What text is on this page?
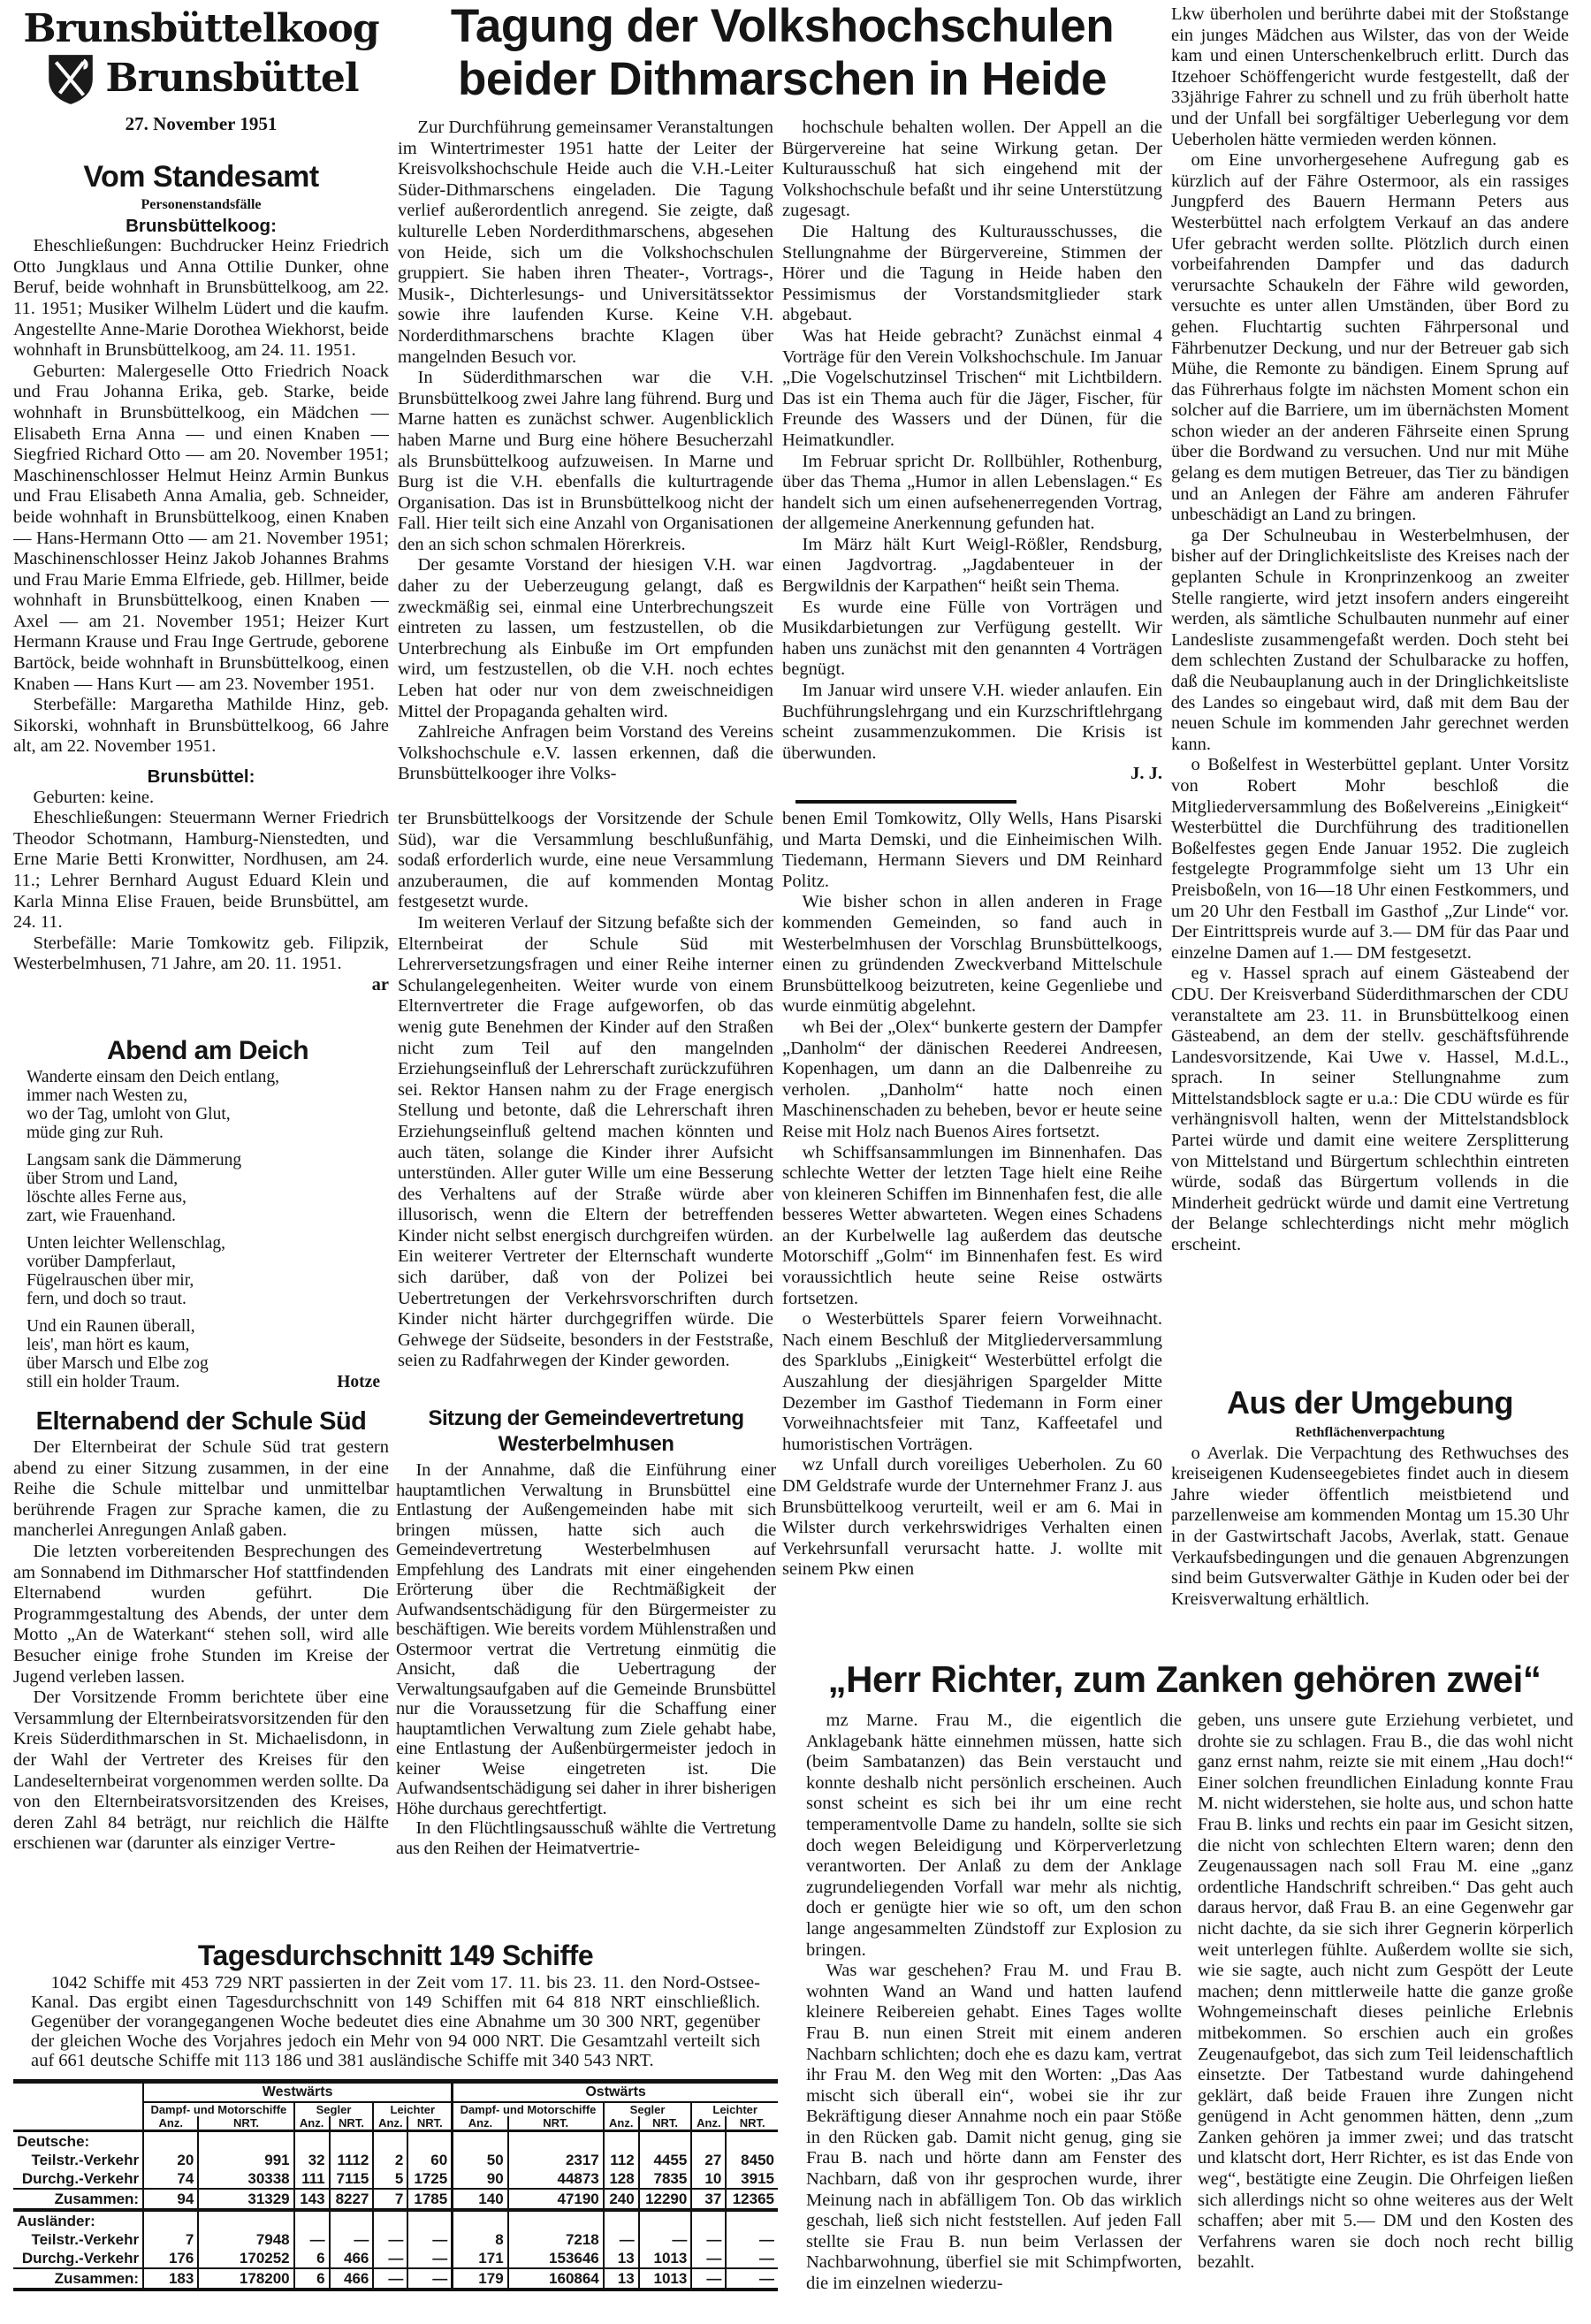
Brunsbüttelkoog
Brunsbüttel
27. November 1951
Vom Standesamt
Personenstandsfälle
Brunsbüttelkoog:

Eheschließungen: Buchdrucker Heinz Friedrich Otto Jungklaus und Anna Ottilie Dunker, ohne Beruf, beide wohnhaft in Brunsbüttelkoog, am 22. 11. 1951; Musiker Wilhelm Lüdert und die kaufm. Angestellte Anne-Marie Dorothea Wiekhorst, beide wohnhaft in Brunsbüttelkoog, am 24. 11. 1951.

Geburten: Malergeselle Otto Friedrich Noack und Frau Johanna Erika, geb. Starke, beide wohnhaft in Brunsbüttelkoog, ein Mädchen — Elisabeth Erna Anna — und einen Knaben — Siegfried Richard Otto — am 20. November 1951; Maschinenschlosser Helmut Heinz Armin Bunkus und Frau Elisabeth Anna Amalia, geb. Schneider, beide wohnhaft in Brunsbüttelkoog, einen Knaben — Hans-Hermann Otto — am 21. November 1951; Maschinenschlosser Heinz Jakob Johannes Brahms und Frau Marie Emma Elfriede, geb. Hillmer, beide wohnhaft in Brunsbüttelkoog, einen Knaben — Axel — am 21. November 1951; Heizer Kurt Hermann Krause und Frau Inge Gertrude, geborene Bartöck, beide wohnhaft in Brunsbüttelkoog, einen Knaben — Hans Kurt — am 23. November 1951.

Sterbefälle: Margaretha Mathilde Hinz, geb. Sikorski, wohnhaft in Brunsbüttelkoog, 66 Jahre alt, am 22. November 1951.

Brunsbüttel:

Geburten: keine.

Eheschließungen: Steuermann Werner Friedrich Theodor Schotmann, Hamburg-Nienstedten, und Erne Marie Betti Kronwitter, Nordhusen, am 24. 11.; Lehrer Bernhard August Eduard Klein und Karla Minna Elise Frauen, beide Brunsbüttel, am 24. 11.

Sterbefälle: Marie Tomkowitz geb. Filipzik, Westerbelmhusen, 71 Jahre, am 20. 11. 1951.

ar
Abend am Deich
Wanderte einsam den Deich entlang,
immer nach Westen zu,
wo der Tag, umloht von Glut,
müde ging zur Ruh.
Langsam sank die Dämmerung
über Strom und Land,
löschte alles Ferne aus,
zart, wie Frauenhand.
Unten leichter Wellenschlag,
vorüber Dampferlaut,
Fügelrauschen über mir,
fern, und doch so traut.
Und ein Raunen überall,
leis', man hört es kaum,
über Marsch und Elbe zog
still ein holder Traum.	Hotze
Elternabend der Schule Süd

Der Elternbeirat der Schule Süd trat gestern abend zu einer Sitzung zusammen, in der eine Reihe die Schule mittelbar und unmittelbar berührende Fragen zur Sprache kamen, die zu mancherlei Anregungen Anlaß gaben.

Die letzten vorbereitenden Besprechungen des am Sonnabend im Dithmarscher Hof stattfindenden Elternabend wurden geführt. Die Programmgestaltung des Abends, der unter dem Motto „An de Waterkant“ stehen soll, wird alle Besucher einige frohe Stunden im Kreise der Jugend verleben lassen.

Der Vorsitzende Fromm berichtete über eine Versammlung der Elternbeiratsvorsitzenden für den Kreis Süderdithmarschen in St. Michaelisdonn, in der Wahl der Vertreter des Kreises für den Landeselternbeirat vorgenommen werden sollte. Da von den Elternbeiratsvorsitzenden des Kreises, deren Zahl 84 beträgt, nur reichlich die Hälfte erschienen war (darunter als einziger Vertre-

Tagung der Volkshochschulen
beider Dithmarschen in Heide

Zur Durchführung gemeinsamer Veranstaltungen im Wintertrimester 1951 hatte der Leiter der Kreisvolkshochschule Heide auch die V.H.-Leiter Süder-Dithmarschens eingeladen. Die Tagung verlief außerordentlich anregend. Sie zeigte, daß kulturelle Leben Norderdithmarschens, abgesehen von Heide, sich um die Volkshochschulen gruppiert. Sie haben ihren Theater-, Vortrags-, Musik-, Dichterlesungs- und Universitätssektor sowie ihre laufenden Kurse. Keine V.H. Norderdithmarschens brachte Klagen über mangelnden Besuch vor.

In Süderdithmarschen war die V.H. Brunsbüttelkoog zwei Jahre lang führend. Burg und Marne hatten es zunächst schwer. Augenblicklich haben Marne und Burg eine höhere Besucherzahl als Brunsbüttelkoog aufzuweisen. In Marne und Burg ist die V.H. ebenfalls die kulturtragende Organisation. Das ist in Brunsbüttelkoog nicht der Fall. Hier teilt sich eine Anzahl von Organisationen den an sich schon schmalen Hörerkreis.

Der gesamte Vorstand der hiesigen V.H. war daher zu der Ueberzeugung gelangt, daß es zweckmäßig sei, einmal eine Unterbrechungszeit eintreten zu lassen, um festzustellen, ob die Unterbrechung als Einbuße im Ort empfunden wird, um festzustellen, ob die V.H. noch echtes Leben hat oder nur von dem zweischneidigen Mittel der Propaganda gehalten wird.

Zahlreiche Anfragen beim Vorstand des Vereins Volkshochschule e.V. lassen erkennen, daß die Brunsbüttelkooger ihre Volks-

hochschule behalten wollen. Der Appell an die Bürgervereine hat seine Wirkung getan. Der Kulturausschuß hat sich eingehend mit der Volkshochschule befaßt und ihr seine Unterstützung zugesagt.

Die Haltung des Kulturausschusses, die Stellungnahme der Bürgervereine, Stimmen der Hörer und die Tagung in Heide haben den Pessimismus der Vorstandsmitglieder stark abgebaut.

Was hat Heide gebracht? Zunächst einmal 4 Vorträge für den Verein Volkshochschule. Im Januar „Die Vogelschutzinsel Trischen“ mit Lichtbildern. Das ist ein Thema auch für die Jäger, Fischer, für Freunde des Wassers und der Dünen, für die Heimatkundler.

Im Februar spricht Dr. Rollbühler, Rothenburg, über das Thema „Humor in allen Lebenslagen.“ Es handelt sich um einen aufsehenerregenden Vortrag, der allgemeine Anerkennung gefunden hat.

Im März hält Kurt Weigl-Rößler, Rendsburg, einen Jagdvortrag. „Jagdabenteuer in der Bergwildnis der Karpathen“ heißt sein Thema.

Es wurde eine Fülle von Vorträgen und Musikdarbietungen zur Verfügung gestellt. Wir haben uns zunächst mit den genannten 4 Vorträgen begnügt.

Im Januar wird unsere V.H. wieder anlaufen. Ein Buchführungslehrgang und ein Kurzschriftlehrgang scheint zusammenzukommen. Die Krisis ist überwunden.

J. J.

Lkw überholen und berührte dabei mit der Stoßstange ein junges Mädchen aus Wilster, das von der Weide kam und einen Unterschenkelbruch erlitt. Durch das Itzehoer Schöffengericht wurde festgestellt, daß der 33jährige Fahrer zu schnell und zu früh überholt hatte und der Unfall bei sorgfältiger Ueberlegung vor dem Ueberholen hätte vermieden werden können.

om Eine unvorhergesehene Aufregung gab es kürzlich auf der Fähre Ostermoor, als ein rassiges Jungpferd des Bauern Hermann Peters aus Westerbüttel nach erfolgtem Verkauf an das andere Ufer gebracht werden sollte. Plötzlich durch einen vorbeifahrenden Dampfer und das dadurch verursachte Schaukeln der Fähre wild geworden, versuchte es unter allen Umständen, über Bord zu gehen. Fluchtartig suchten Fährpersonal und Fährbenutzer Deckung, und nur der Betreuer gab sich Mühe, die Remonte zu bändigen. Einem Sprung auf das Führerhaus folgte im nächsten Moment schon ein solcher auf die Barriere, um im übernächsten Moment schon wieder an der anderen Fährseite einen Sprung über die Bordwand zu versuchen. Und nur mit Mühe gelang es dem mutigen Betreuer, das Tier zu bändigen und an Anlegen der Fähre am anderen Fährufer unbeschädigt an Land zu bringen.

ga Der Schulneubau in Westerbelmhusen, der bisher auf der Dringlichkeitsliste des Kreises nach der geplanten Schule in Kronprinzenkoog an zweiter Stelle rangierte, wird jetzt insofern anders eingereiht werden, als sämtliche Schulbauten nunmehr auf einer Landesliste zusammengefaßt werden. Doch steht bei dem schlechten Zustand der Schulbaracke zu hoffen, daß die Neubauplanung auch in der Dringlichkeitsliste des Landes so eingebaut wird, daß mit dem Bau der neuen Schule im kommenden Jahr gerechnet werden kann.

o Boßelfest in Westerbüttel geplant. Unter Vorsitz von Robert Mohr beschloß die Mitgliederversammlung des Boßelvereins „Einigkeit“ Westerbüttel die Durchführung des traditionellen Boßelfestes gegen Ende Januar 1952. Die zugleich festgelegte Programmfolge sieht um 13 Uhr ein Preisboßeln, von 16—18 Uhr einen Festkommers, und um 20 Uhr den Festball im Gasthof „Zur Linde“ vor. Der Eintrittspreis wurde auf 3.— DM für das Paar und einzelne Damen auf 1.— DM festgesetzt.

eg v. Hassel sprach auf einem Gästeabend der CDU. Der Kreisverband Süderdithmarschen der CDU veranstaltete am 23. 11. in Brunsbüttelkoog einen Gästeabend, an dem der stellv. geschäftsführende Landesvorsitzende, Kai Uwe v. Hassel, M.d.L., sprach. In seiner Stellungnahme zum Mittelstandsblock sagte er u.a.: Die CDU würde es für verhängnisvoll halten, wenn der Mittelstandsblock Partei würde und damit eine weitere Zersplitterung von Mittelstand und Bürgertum schlechthin eintreten würde, sodaß das Bürgertum vollends in die Minderheit gedrückt würde und damit eine Vertretung der Belange schlechterdings nicht mehr möglich erscheint.

Aus der Umgebung
Rethflächenverpachtung

o Averlak. Die Verpachtung des Rethwuchses des kreiseigenen Kudenseegebietes findet auch in diesem Jahre wieder öffentlich meistbietend und parzellenweise am kommenden Montag um 15.30 Uhr in der Gastwirtschaft Jacobs, Averlak, statt. Genaue Verkaufsbedingungen und die genauen Abgrenzungen sind beim Gutsverwalter Gäthje in Kuden oder bei der Kreisverwaltung erhältlich.

ter Brunsbüttelkoogs der Vorsitzende der Schule Süd), war die Versammlung beschlußunfähig, sodaß erforderlich wurde, eine neue Versammlung anzuberaumen, die auf kommenden Montag festgesetzt wurde.

Im weiteren Verlauf der Sitzung befaßte sich der Elternbeirat der Schule Süd mit Lehrerversetzungsfragen und einer Reihe interner Schulangelegenheiten. Weiter wurde von einem Elternvertreter die Frage aufgeworfen, ob das wenig gute Benehmen der Kinder auf den Straßen nicht zum Teil auf den mangelnden Erziehungseinfluß der Lehrerschaft zurückzuführen sei. Rektor Hansen nahm zu der Frage energisch Stellung und betonte, daß die Lehrerschaft ihren Erziehungseinfluß geltend machen könnten und auch täten, solange die Kinder ihrer Aufsicht unterstünden. Aller guter Wille um eine Besserung des Verhaltens auf der Straße würde aber illusorisch, wenn die Eltern der betreffenden Kinder nicht selbst energisch durchgreifen würden. Ein weiterer Vertreter der Elternschaft wunderte sich darüber, daß von der Polizei bei Uebertretungen der Verkehrsvorschriften durch Kinder nicht härter durchgegriffen würde. Die Gehwege der Südseite, besonders in der Feststraße, seien zu Radfahrwegen der Kinder geworden.

benen Emil Tomkowitz, Olly Wells, Hans Pisarski und Marta Demski, und die Einheimischen Wilh. Tiedemann, Hermann Sievers und DM Reinhard Politz.

Wie bisher schon in allen anderen in Frage kommenden Gemeinden, so fand auch in Westerbelmhusen der Vorschlag Brunsbüttelkoogs, einen zu gründenden Zweckverband Mittelschule Brunsbüttelkoog beizutreten, keine Gegenliebe und wurde einmütig abgelehnt.

wh Bei der „Olex“ bunkerte gestern der Dampfer „Danholm“ der dänischen Reederei Andreesen, Kopenhagen, um dann an die Dalbenreihe zu verholen. „Danholm“ hatte noch einen Maschinenschaden zu beheben, bevor er heute seine Reise mit Holz nach Buenos Aires fortsetzt.

wh Schiffsansammlungen im Binnenhafen. Das schlechte Wetter der letzten Tage hielt eine Reihe von kleineren Schiffen im Binnenhafen fest, die alle besseres Wetter abwarteten. Wegen eines Schadens an der Kurbelwelle lag außerdem das deutsche Motorschiff „Golm“ im Binnenhafen fest. Es wird voraussichtlich heute seine Reise ostwärts fortsetzen.

o Westerbüttels Sparer feiern Vorweihnacht. Nach einem Beschluß der Mitgliederversammlung des Sparklubs „Einigkeit“ Westerbüttel erfolgt die Auszahlung der diesjährigen Spargelder Mitte Dezember im Gasthof Tiedemann in Form einer Vorweihnachtsfeier mit Tanz, Kaffeetafel und humoristischen Vorträgen.

wz Unfall durch voreiliges Ueberholen. Zu 60 DM Geldstrafe wurde der Unternehmer Franz J. aus Brunsbüttelkoog verurteilt, weil er am 6. Mai in Wilster durch verkehrswidriges Verhalten einen Verkehrsunfall verursacht hatte. J. wollte mit seinem Pkw einen

Sitzung der Gemeindevertretung Westerbelmhusen

In der Annahme, daß die Einführung einer hauptamtlichen Verwaltung in Brunsbüttel eine Entlastung der Außengemeinden habe mit sich bringen müssen, hatte sich auch die Gemeindevertretung Westerbelmhusen auf Empfehlung des Landrats mit einer eingehenden Erörterung über die Rechtmäßigkeit der Aufwandsentschädigung für den Bürgermeister zu beschäftigen. Wie bereits vordem Mühlenstraßen und Ostermoor vertrat die Vertretung einmütig die Ansicht, daß die Uebertragung der Verwaltungsaufgaben auf die Gemeinde Brunsbüttel nur die Voraussetzung für die Schaffung einer hauptamtlichen Verwaltung zum Ziele gehabt habe, eine Entlastung der Außenbürgermeister jedoch in keiner Weise eingetreten ist. Die Aufwandsentschädigung sei daher in ihrer bisherigen Höhe durchaus gerechtfertigt.

In den Flüchtlingsausschuß wählte die Vertretung aus den Reihen der Heimatvertrie-

Tagesdurchschnitt 149 Schiffe

1042 Schiffe mit 453 729 NRT passierten in der Zeit vom 17. 11. bis 23. 11. den Nord-Ostsee-Kanal. Das ergibt einen Tagesdurchschnitt von 149 Schiffen mit 64 818 NRT einschließlich. Gegenüber der vorangegangenen Woche bedeutet dies eine Abnahme um 30 300 NRT, gegenüber der gleichen Woche des Vorjahres jedoch ein Mehr von 94 000 NRT. Die Gesamtzahl verteilt sich auf 661 deutsche Schiffe mit 113 186 und 381 ausländische Schiffe mit 340 543 NRT.

	Westwärts						Ostwärts					
	Dampf- und Motorschiffe		Segler		Leichter		Dampf- und Motorschiffe		Segler		Leichter	
	Anz.	NRT.	Anz.	NRT.	Anz.	NRT.	Anz.	NRT.	Anz.	NRT.	Anz.	NRT.
Deutsche:												
Teilstr.-Verkehr	20	991	32	1112	2	60	50	2317	112	4455	27	8450
Durchg.-Verkehr	74	30338	111	7115	5	1725	90	44873	128	7835	10	3915
Zusammen:	94	31329	143	8227	7	1785	140	47190	240	12290	37	12365
Ausländer:												
Teilstr.-Verkehr	7	7948	—	—	—	—	8	7218	—	—	—	—
Durchg.-Verkehr	176	170252	6	466	—	—	171	153646	13	1013	—	—
Zusammen:	183	178200	6	466	—	—	179	160864	13	1013	—	—
„Herr Richter, zum Zanken gehören zwei“

mz Marne. Frau M., die eigentlich die Anklagebank hätte einnehmen müssen, hatte sich (beim Sambatanzen) das Bein verstaucht und konnte deshalb nicht persönlich erscheinen. Auch sonst scheint es sich bei ihr um eine recht temperamentvolle Dame zu handeln, sollte sie sich doch wegen Beleidigung und Körperverletzung verantworten. Der Anlaß zu dem der Anklage zugrundeliegenden Vorfall war mehr als nichtig, doch er genügte hier wie so oft, um den schon lange angesammelten Zündstoff zur Explosion zu bringen.

Was war geschehen? Frau M. und Frau B. wohnten Wand an Wand und hatten laufend kleinere Reibereien gehabt. Eines Tages wollte Frau B. nun einen Streit mit einem anderen Nachbarn schlichten; doch ehe es dazu kam, vertrat ihr Frau M. den Weg mit den Worten: „Das Aas mischt sich überall ein“, wobei sie ihr zur Bekräftigung dieser Annahme noch ein paar Stöße in den Rücken gab. Damit nicht genug, ging sie Frau B. nach und hörte dann am Fenster des Nachbarn, daß von ihr gesprochen wurde, ihrer Meinung nach in abfälligem Ton. Ob das wirklich geschah, ließ sich nicht feststellen. Auf jeden Fall stellte sie Frau B. nun beim Verlassen der Nachbarwohnung, überfiel sie mit Schimpfworten, die im einzelnen wiederzu-

geben, uns unsere gute Erziehung verbietet, und drohte sie zu schlagen. Frau B., die das wohl nicht ganz ernst nahm, reizte sie mit einem „Hau doch!“ Einer solchen freundlichen Einladung konnte Frau M. nicht widerstehen, sie holte aus, und schon hatte Frau B. links und rechts ein paar im Gesicht sitzen, die nicht von schlechten Eltern waren; denn den Zeugenaussagen nach soll Frau M. eine „ganz ordentliche Handschrift schreiben.“ Das geht auch daraus hervor, daß Frau B. an eine Gegenwehr gar nicht dachte, da sie sich ihrer Gegnerin körperlich weit unterlegen fühlte. Außerdem wollte sie sich, wie sie sagte, auch nicht zum Gespött der Leute machen; denn mittlerweile hatte die ganze große Wohngemeinschaft dieses peinliche Erlebnis mitbekommen. So erschien auch ein großes Zeugenaufgebot, das sich zum Teil leidenschaftlich einsetzte. Der Tatbestand wurde dahingehend geklärt, daß beide Frauen ihre Zungen nicht genügend in Acht genommen hätten, denn „zum Zanken gehören ja immer zwei; und das tratscht und klatscht dort, Herr Richter, es ist das Ende von weg“, bestätigte eine Zeugin. Die Ohrfeigen ließen sich allerdings nicht so ohne weiteres aus der Welt schaffen; aber mit 5.— DM und den Kosten des Verfahrens waren sie doch noch recht billig bezahlt.
